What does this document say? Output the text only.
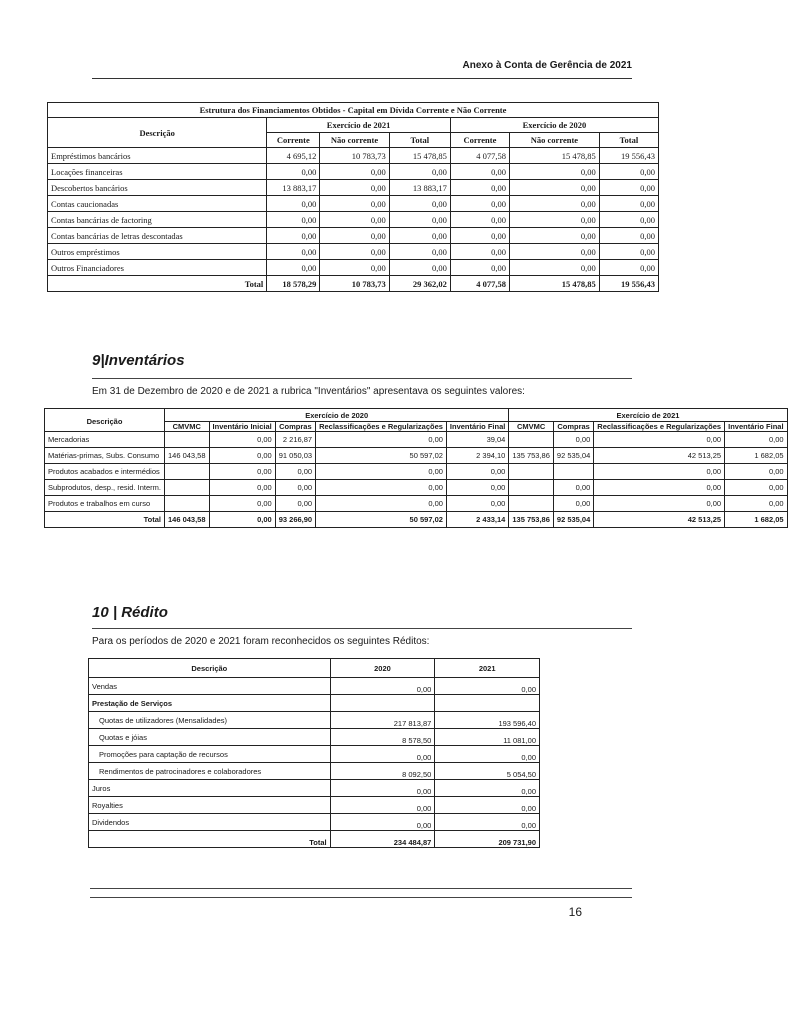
Anexo à Conta de Gerência de 2021
Estrutura dos Financiamentos Obtidos - Capital em Dívida Corrente e Não Corrente						
Descrição	Exercício de 2021			Exercício de 2020		
	Corrente	Não corrente	Total	Corrente	Não corrente	Total
Empréstimos bancários	4 695,12	10 783,73	15 478,85	4 077,58	15 478,85	19 556,43
Locações financeiras	0,00	0,00	0,00	0,00	0,00	0,00
Descobertos bancários	13 883,17	0,00	13 883,17	0,00	0,00	0,00
Contas caucionadas	0,00	0,00	0,00	0,00	0,00	0,00
Contas bancárias de factoring	0,00	0,00	0,00	0,00	0,00	0,00
Contas bancárias de letras descontadas	0,00	0,00	0,00	0,00	0,00	0,00
Outros empréstimos	0,00	0,00	0,00	0,00	0,00	0,00
Outros Financiadores	0,00	0,00	0,00	0,00	0,00	0,00
Total	18 578,29	10 783,73	29 362,02	4 077,58	15 478,85	19 556,43
9|Inventários
Em 31 de Dezembro de 2020 e de 2021 a rubrica "Inventários" apresentava os seguintes valores:
Descrição	Exercício de 2020					Exercício de 2021			
	CMVMC	Inventário Inicial	Compras	Reclassificações e Regularizações	Inventário Final	CMVMC	Compras	Reclassificações e Regularizações	Inventário Final
Mercadorias		0,00	2 216,87	0,00	39,04		0,00	0,00	0,00
Matérias-primas, Subs. Consumo	146 043,58	0,00	91 050,03	50 597,02	2 394,10	135 753,86	92 535,04	42 513,25	1 682,05
Produtos acabados e intermédios		0,00	0,00	0,00	0,00			0,00	0,00
Subprodutos, desp., resid. Interm.		0,00	0,00	0,00	0,00		0,00	0,00	0,00
Produtos e trabalhos em curso		0,00	0,00	0,00	0,00		0,00	0,00	0,00
Total	146 043,58	0,00	93 266,90	50 597,02	2 433,14	135 753,86	92 535,04	42 513,25	1 682,05
10 | Rédito
Para os períodos de 2020 e 2021 foram reconhecidos os seguintes Réditos:
Descrição	2020	2021
Vendas	0,00	0,00
Prestação de Serviços		
Quotas de utilizadores (Mensalidades)	217 813,87	193 596,40
Quotas e jóias	8 578,50	11 081,00
Promoções para captação de recursos	0,00	0,00
Rendimentos de patrocinadores e colaboradores	8 092,50	5 054,50
Juros	0,00	0,00
Royalties	0,00	0,00
Dividendos	0,00	0,00
Total	234 484,87	209 731,90
16
